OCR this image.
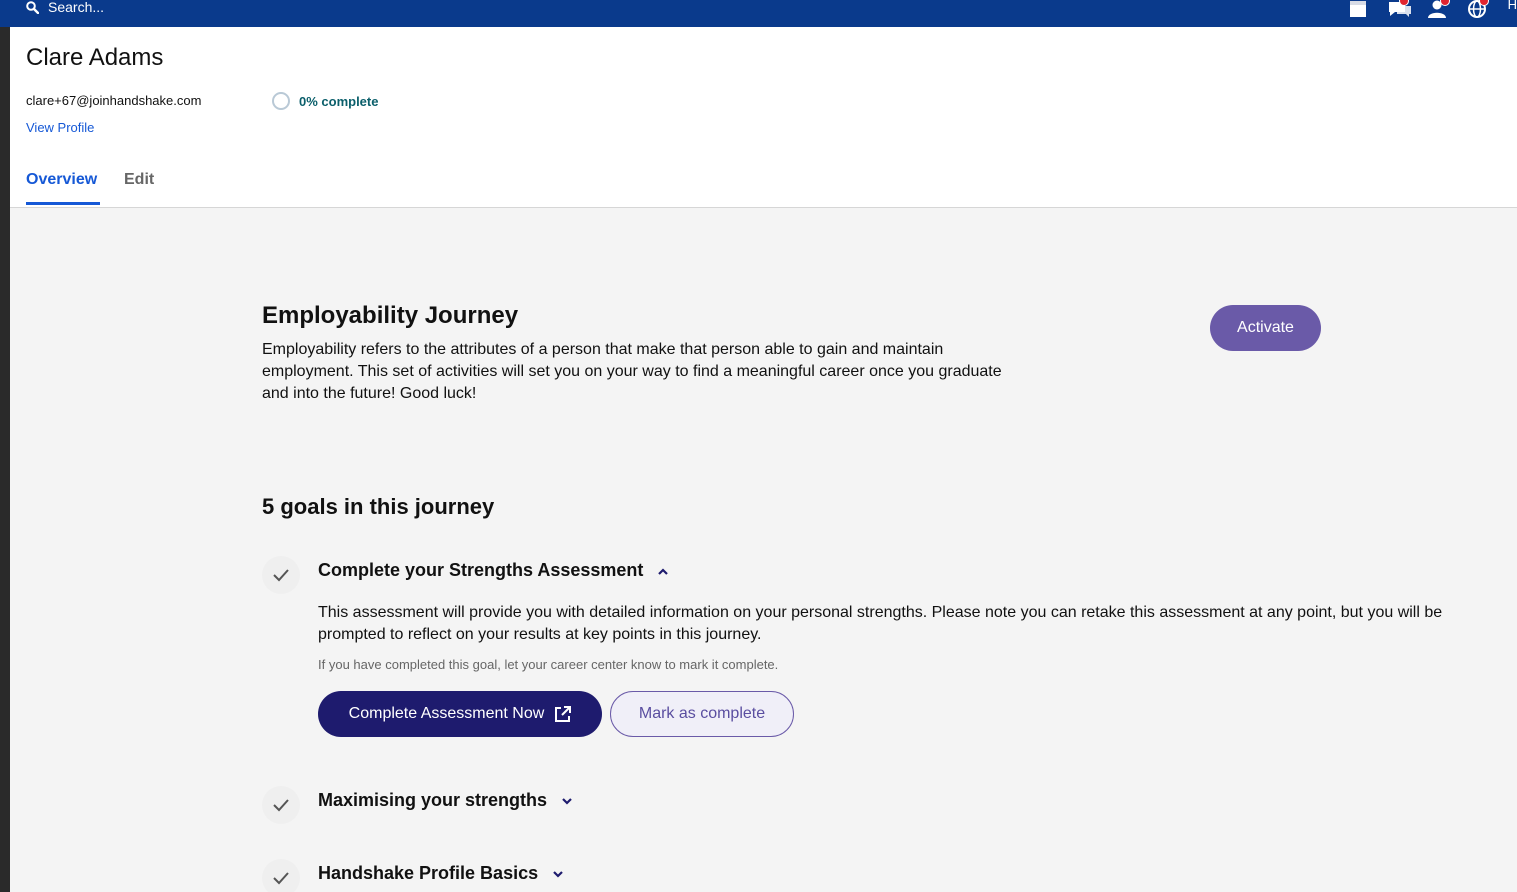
Search...	H
Clare Adams
clare+67@joinhandshake.com
View Profile
0% complete
Overview Edit
Employability Journey
Employability refers to the attributes of a person that make that person able to gain and maintain employment. This set of activities will set you on your way to find a meaningful career once you graduate and into the future! Good luck!
Activate
5 goals in this journey
Complete your Strengths Assessment
This assessment will provide you with detailed information on your personal strengths. Please note you can retake this assessment at any point, but you will be prompted to reflect on your results at key points in this journey.
If you have completed this goal, let your career center know to mark it complete.
Complete Assessment Now	Mark as complete
Maximising your strengths
Handshake Profile Basics
